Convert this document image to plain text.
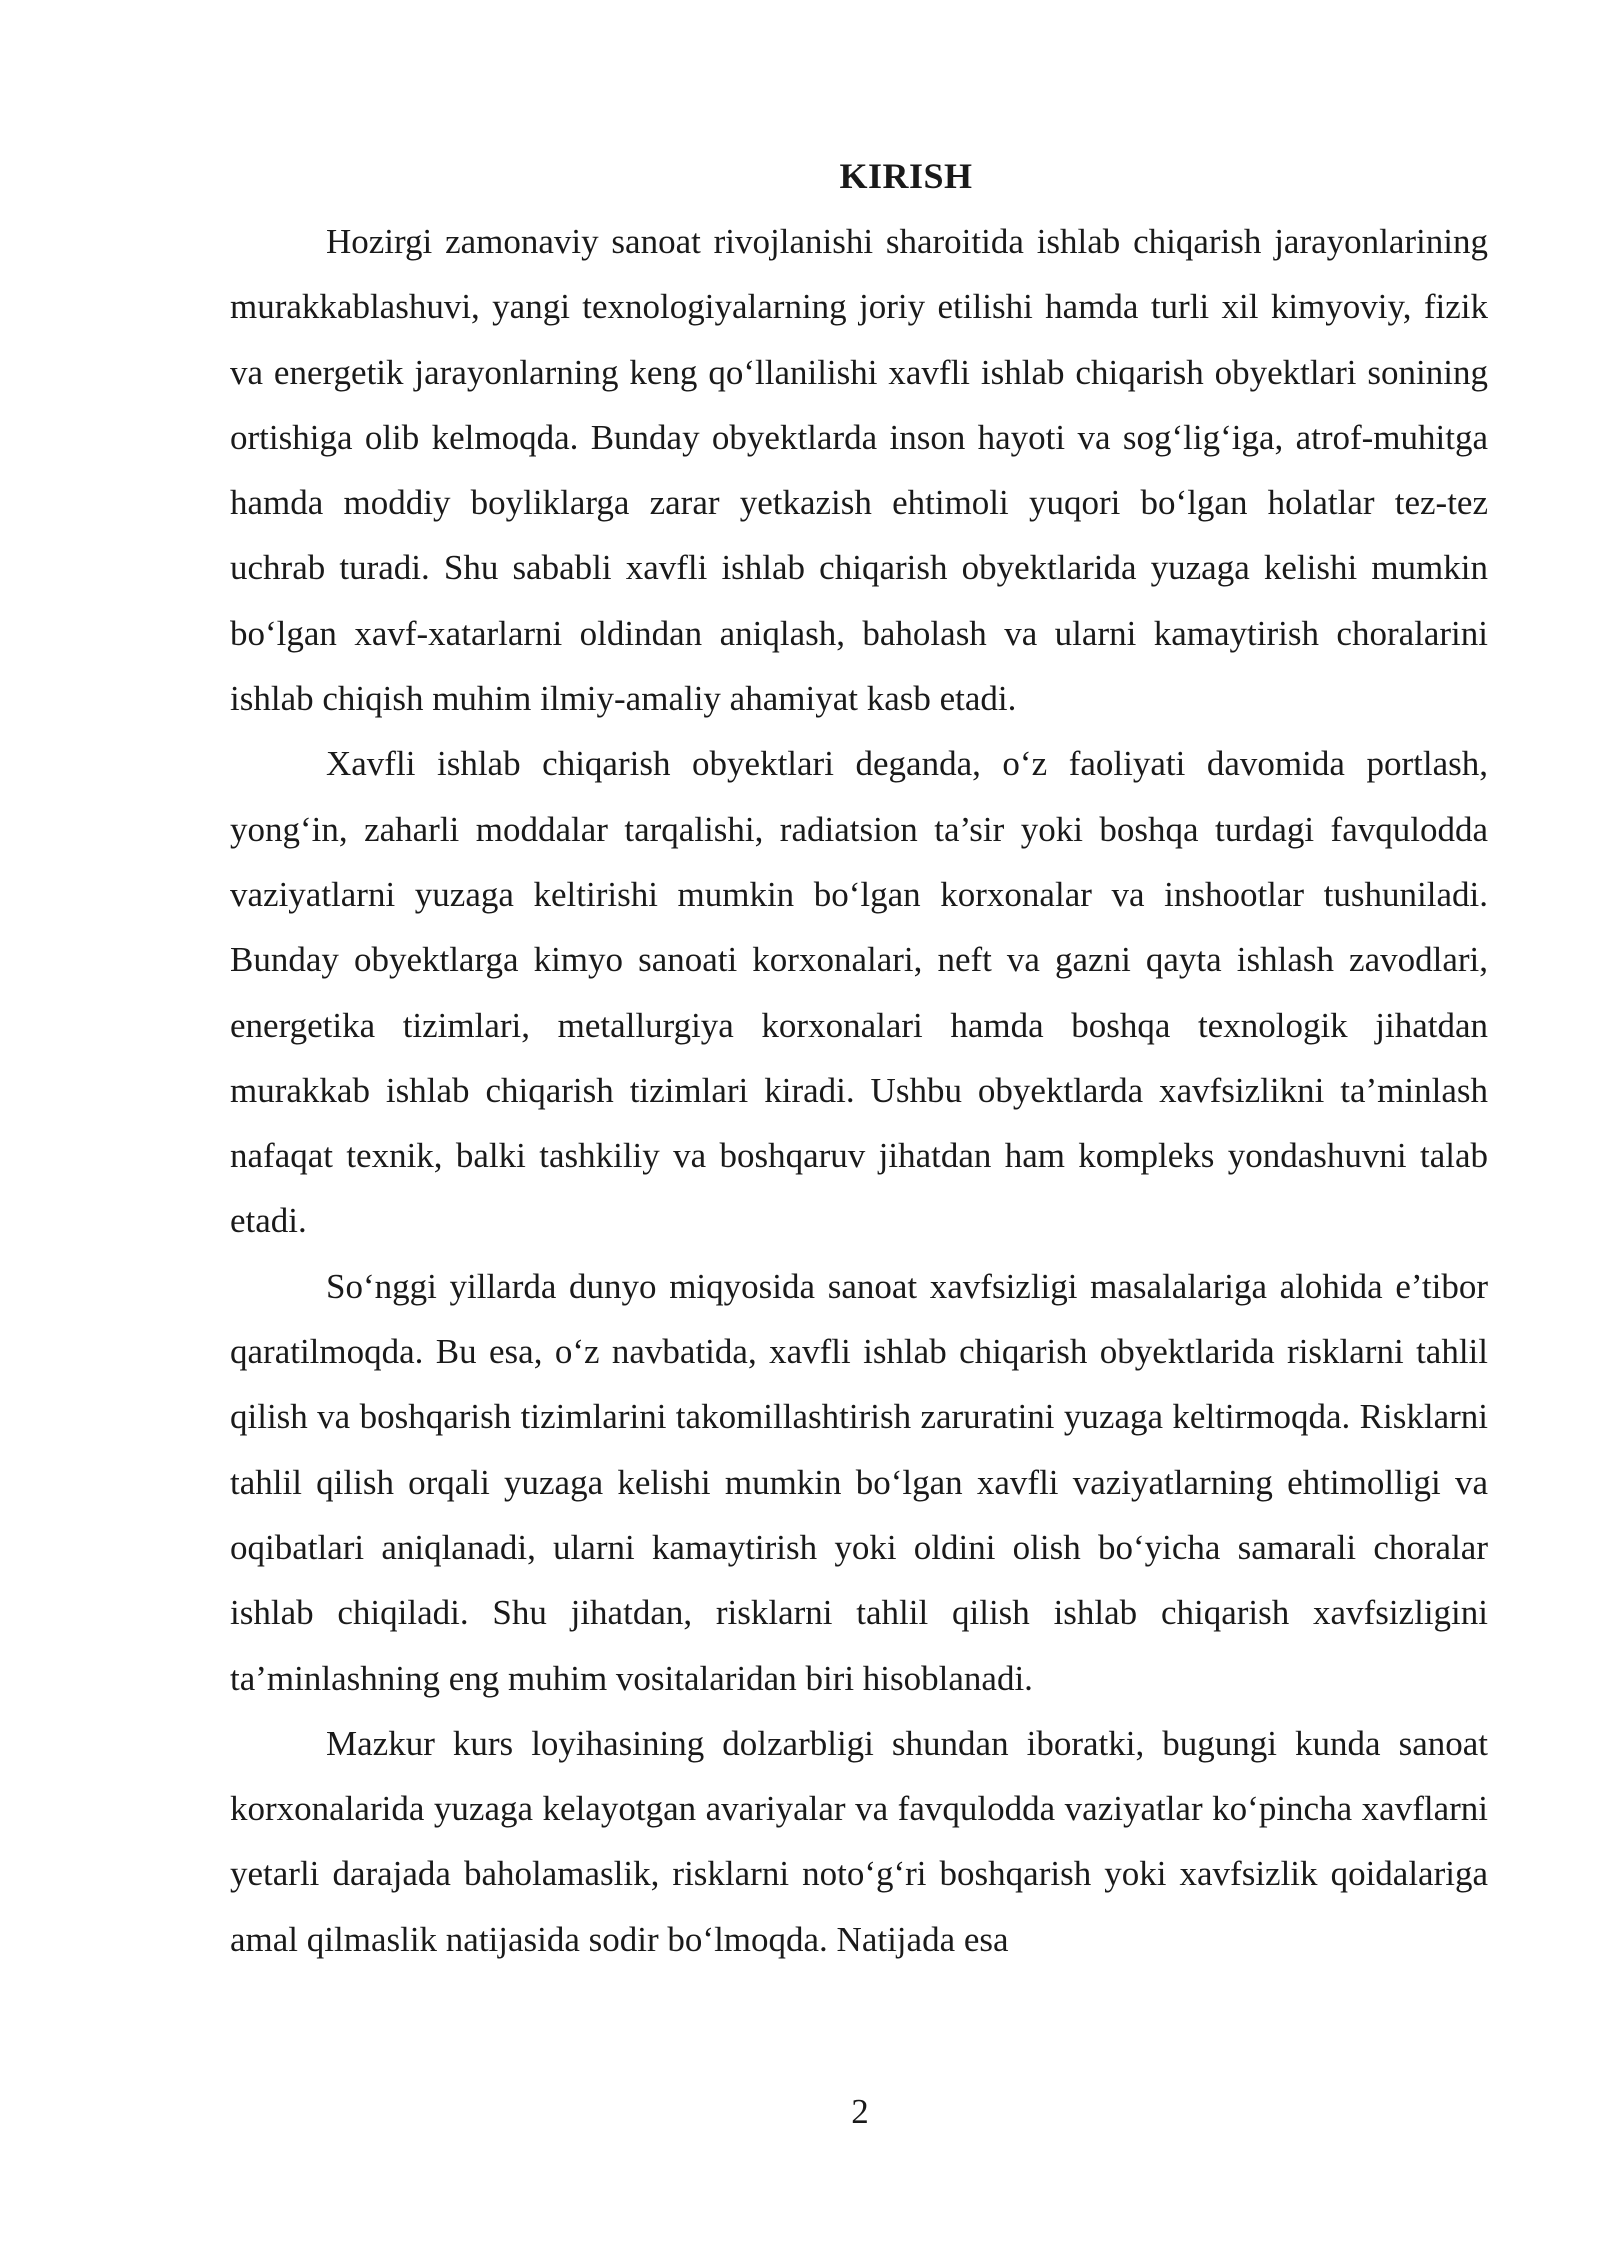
KIRISH

Hozirgi zamonaviy sanoat rivojlanishi sharoitida ishlab chiqarish jarayonlarining murakkablashuvi, yangi texnologiyalarning joriy etilishi hamda turli xil kimyoviy, fizik va energetik jarayonlarning keng qo‘llanilishi xavfli ishlab chiqarish obyektlari sonining ortishiga olib kelmoqda. Bunday obyektlarda inson hayoti va sog‘lig‘iga, atrof-muhitga hamda moddiy boyliklarga zarar yetkazish ehtimoli yuqori bo‘lgan holatlar tez-tez uchrab turadi. Shu sababli xavfli ishlab chiqarish obyektlarida yuzaga kelishi mumkin bo‘lgan xavf-xatarlarni oldindan aniqlash, baholash va ularni kamaytirish choralarini ishlab chiqish muhim ilmiy-amaliy ahamiyat kasb etadi.

Xavfli ishlab chiqarish obyektlari deganda, o‘z faoliyati davomida portlash, yong‘in, zaharli moddalar tarqalishi, radiatsion ta’sir yoki boshqa turdagi favqulodda vaziyatlarni yuzaga keltirishi mumkin bo‘lgan korxonalar va inshootlar tushuniladi. Bunday obyektlarga kimyo sanoati korxonalari, neft va gazni qayta ishlash zavodlari, energetika tizimlari, metallurgiya korxonalari hamda boshqa texnologik jihatdan murakkab ishlab chiqarish tizimlari kiradi. Ushbu obyektlarda xavfsizlikni ta’minlash nafaqat texnik, balki tashkiliy va boshqaruv jihatdan ham kompleks yondashuvni talab etadi.

So‘nggi yillarda dunyo miqyosida sanoat xavfsizligi masalalariga alohida e’tibor qaratilmoqda. Bu esa, o‘z navbatida, xavfli ishlab chiqarish obyektlarida risklarni tahlil qilish va boshqarish tizimlarini takomillashtirish zaruratini yuzaga keltirmoqda. Risklarni tahlil qilish orqali yuzaga kelishi mumkin bo‘lgan xavfli vaziyatlarning ehtimolligi va oqibatlari aniqlanadi, ularni kamaytirish yoki oldini olish bo‘yicha samarali choralar ishlab chiqiladi. Shu jihatdan, risklarni tahlil qilish ishlab chiqarish xavfsizligini ta’minlashning eng muhim vositalaridan biri hisoblanadi.

Mazkur kurs loyihasining dolzarbligi shundan iboratki, bugungi kunda sanoat korxonalarida yuzaga kelayotgan avariyalar va favqulodda vaziyatlar ko‘pincha xavflarni yetarli darajada baholamaslik, risklarni noto‘g‘ri boshqarish yoki xavfsizlik qoidalariga amal qilmaslik natijasida sodir bo‘lmoqda. Natijada esa

2
